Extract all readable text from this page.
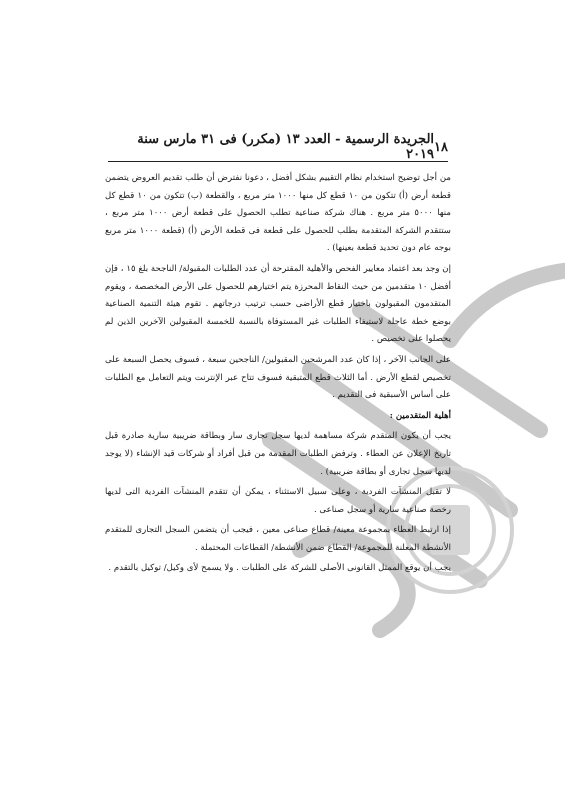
١٨
الجريدة الرسمية - العدد ١٣ (مكرر) فى ٣١ مارس سنة ٢٠١٩

من أجل توضيح استخدام نظام التقييم بشكل أفضل ، دعونا نفترض أن طلب تقديم العروض يتضمن قطعة أرض (أ) تتكون من ١٠ قطع كل منها ١٠٠٠ متر مربع ، والقطعة (ب) تتكون من ١٠ قطع كل منها ٥٠٠٠ متر مربع . هناك شركة صناعية تطلب الحصول على قطعة أرض ١٠٠٠ متر مربع ، ستتقدم الشركة المتقدمة بطلب للحصول على قطعة فى قطعة الأرض (أ) (قطعة ١٠٠٠ متر مربع بوجه عام دون تحديد قطعة بعينها) .

إن وجد بعد اعتماد معايير الفحص والأهلية المقترحة أن عدد الطلبات المقبولة/ الناجحة بلغ ١٥ ، فإن أفضل ١٠ متقدمين من حيث النقاط المحرزة يتم اختيارهم للحصول على الأرض المخصصة ، ويقوم المتقدمون المقبولون باختيار قطع الأراضى حسب ترتيب درجاتهم . تقوم هيئة التنمية الصناعية بوضع خطة عاجلة لاستيفاء الطلبات غير المستوفاة بالنسبة للخمسة المقبولين الآخرين الذين لم يحصلوا على تخصيص .

على الجانب الآخر ، إذا كان عدد المرشحين المقبولين/ الناجحين سبعة ، فسوف يحصل السبعة على تخصيص لقطع الأرض . أما الثلاث قطع المتبقية فسوف تتاح عبر الإنترنت ويتم التعامل مع الطلبات على أساس الأسبقية فى التقديم .

أهلية المتقدمين :

يجب أن يكون المتقدم شركة مساهمة لديها سجل تجارى سار وبطاقة ضريبية سارية صادرة قبل تاريخ الإعلان عن العطاء . وترفض الطلبات المقدمة من قبل أفراد أو شركات قيد الإنشاء (لا يوجد لديها سجل تجارى أو بطاقة ضريبية) .

لا تقبل المنشآت الفردية ، وعلى سبيل الاستثناء ، يمكن أن تتقدم المنشآت الفردية التى لديها رخصة صناعية سارية أو سجل صناعى .

إذا ارتبط العطاء بمجموعة معينة/ قطاع صناعى معين ، فيجب أن يتضمن السجل التجارى للمتقدم الأنشطة المعلنة للمجموعة/ القطاع ضمن الأنشطة/ القطاعات المحتملة .

يجب أن يوقع الممثل القانونى الأصلى للشركة على الطلبات . ولا يسمح لأى وكيل/ توكيل بالتقدم .
